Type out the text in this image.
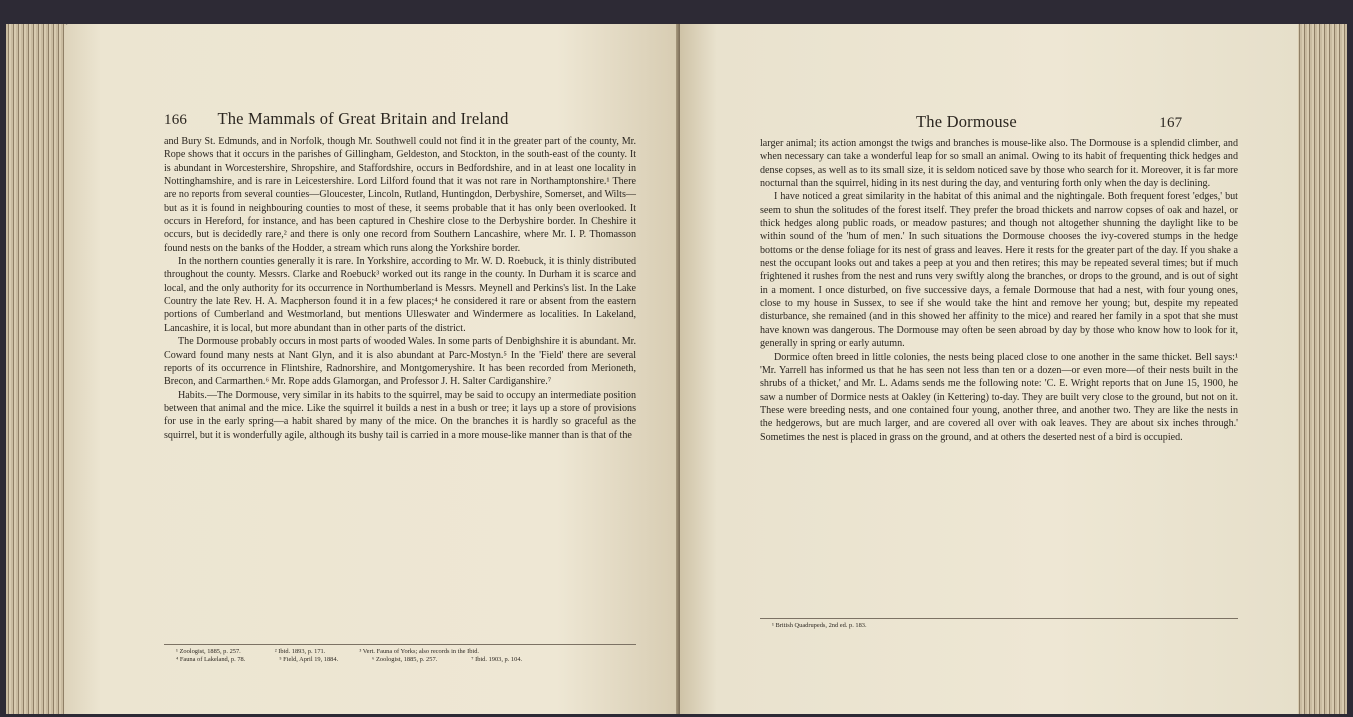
166 The Mammals of Great Britain and Ireland

and Bury St. Edmunds, and in Norfolk, though Mr. Southwell could not find it in the greater part of the county, Mr. Rope shows that it occurs in the parishes of Gillingham, Geldeston, and Stockton, in the south-east of the county. It is abundant in Worcestershire, Shropshire, and Staffordshire, occurs in Bedfordshire, and in at least one locality in Nottinghamshire, and is rare in Leicestershire. Lord Lilford found that it was not rare in Northamptonshire.¹ There are no reports from several counties—Gloucester, Lincoln, Rutland, Huntingdon, Derbyshire, Somerset, and Wilts—but as it is found in neighbouring counties to most of these, it seems probable that it has only been overlooked. It occurs in Hereford, for instance, and has been captured in Cheshire close to the Derbyshire border. In Cheshire it occurs, but is decidedly rare,² and there is only one record from Southern Lancashire, where Mr. I. P. Thomasson found nests on the banks of the Hodder, a stream which runs along the Yorkshire border.

In the northern counties generally it is rare. In Yorkshire, according to Mr. W. D. Roebuck, it is thinly distributed throughout the county. Messrs. Clarke and Roebuck³ worked out its range in the county. In Durham it is scarce and local, and the only authority for its occurrence in Northumberland is Messrs. Meynell and Perkins's list. In the Lake Country the late Rev. H. A. Macpherson found it in a few places;⁴ he considered it rare or absent from the eastern portions of Cumberland and Westmorland, but mentions Ulleswater and Windermere as localities. In Lakeland, Lancashire, it is local, but more abundant than in other parts of the district.

The Dormouse probably occurs in most parts of wooded Wales. In some parts of Denbighshire it is abundant. Mr. Coward found many nests at Nant Glyn, and it is also abundant at Parc-Mostyn.⁵ In the 'Field' there are several reports of its occurrence in Flintshire, Radnorshire, and Montgomeryshire. It has been recorded from Merioneth, Brecon, and Carmarthen.⁶ Mr. Rope adds Glamorgan, and Professor J. H. Salter Cardiganshire.⁷

Habits.—The Dormouse, very similar in its habits to the squirrel, may be said to occupy an intermediate position between that animal and the mice. Like the squirrel it builds a nest in a bush or tree; it lays up a store of provisions for use in the early spring—a habit shared by many of the mice. On the branches it is hardly so graceful as the squirrel, but it is wonderfully agile, although its bushy tail is carried in a more mouse-like manner than is that of the

¹ Zoologist, 1885, p. 257.	² Ibid. 1893, p. 171.	³ Vert. Fauna of Yorks; also records in the Ibid.
⁴ Fauna of Lakeland, p. 78.	⁵ Field, April 19, 1884.	⁶ Zoologist, 1885, p. 257.	⁷ Ibid. 1903, p. 104.
The Dormouse	167

larger animal; its action amongst the twigs and branches is mouse-like also. The Dormouse is a splendid climber, and when necessary can take a wonderful leap for so small an animal. Owing to its habit of frequenting thick hedges and dense copses, as well as to its small size, it is seldom noticed save by those who search for it. Moreover, it is far more nocturnal than the squirrel, hiding in its nest during the day, and venturing forth only when the day is declining.

I have noticed a great similarity in the habitat of this animal and the nightingale. Both frequent forest 'edges,' but seem to shun the solitudes of the forest itself. They prefer the broad thickets and narrow copses of oak and hazel, or thick hedges along public roads, or meadow pastures; and though not altogether shunning the daylight like to be within sound of the 'hum of men.' In such situations the Dormouse chooses the ivy-covered stumps in the hedge bottoms or the dense foliage for its nest of grass and leaves. Here it rests for the greater part of the day. If you shake a nest the occupant looks out and takes a peep at you and then retires; this may be repeated several times; but if much frightened it rushes from the nest and runs very swiftly along the branches, or drops to the ground, and is out of sight in a moment. I once disturbed, on five successive days, a female Dormouse that had a nest, with four young ones, close to my house in Sussex, to see if she would take the hint and remove her young; but, despite my repeated disturbance, she remained (and in this showed her affinity to the mice) and reared her family in a spot that she must have known was dangerous. The Dormouse may often be seen abroad by day by those who know how to look for it, generally in spring or early autumn.

Dormice often breed in little colonies, the nests being placed close to one another in the same thicket. Bell says:¹ 'Mr. Yarrell has informed us that he has seen not less than ten or a dozen—or even more—of their nests built in the shrubs of a thicket,' and Mr. L. Adams sends me the following note: 'C. E. Wright reports that on June 15, 1900, he saw a number of Dormice nests at Oakley (in Kettering) to-day. They are built very close to the ground, but not on it. These were breeding nests, and one contained four young, another three, and another two. They are like the nests in the hedgerows, but are much larger, and are covered all over with oak leaves. They are about six inches through.' Sometimes the nest is placed in grass on the ground, and at others the deserted nest of a bird is occupied.

¹ British Quadrupeds, 2nd ed. p. 183.
